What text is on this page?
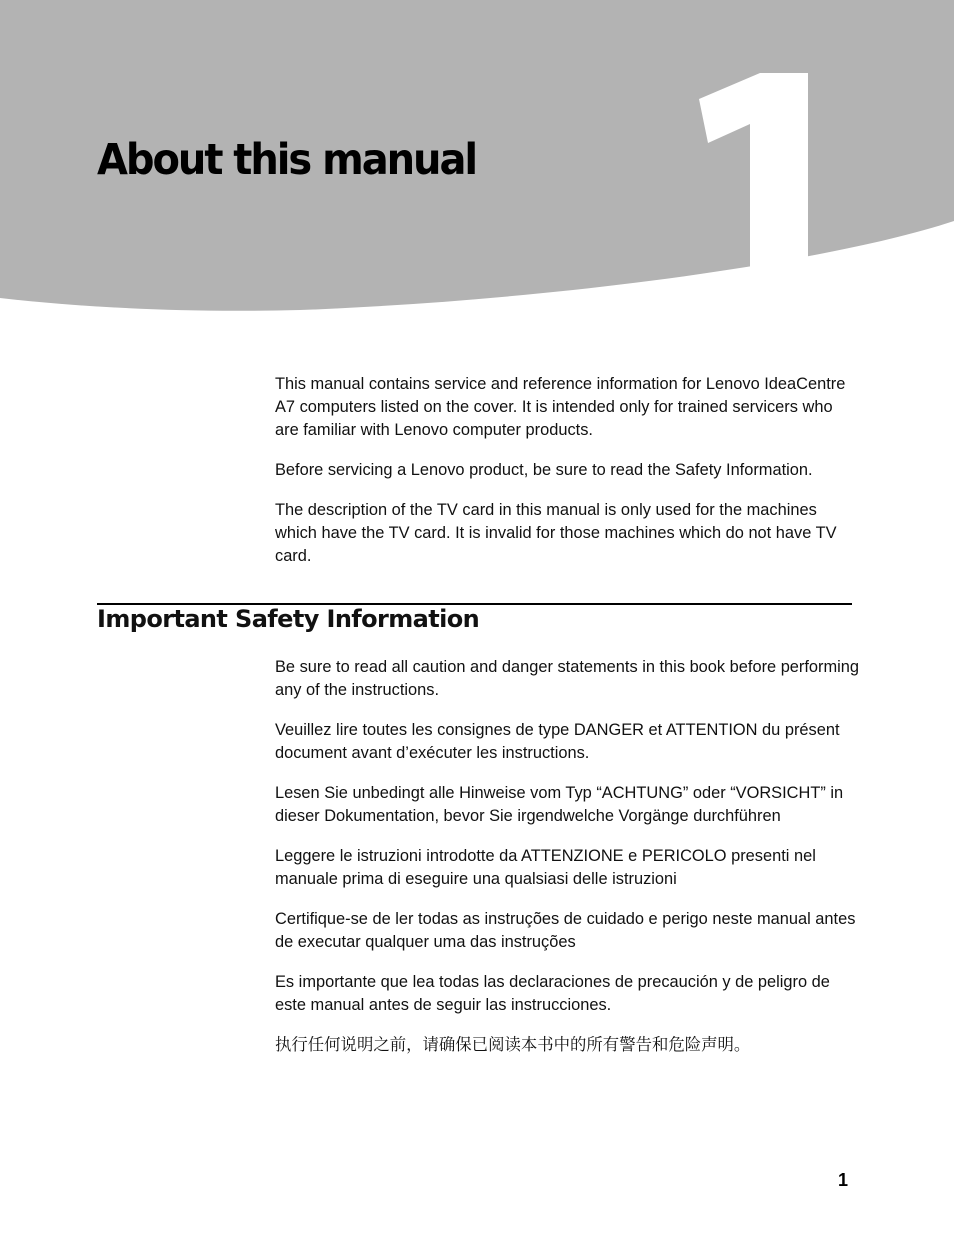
About this manual

This manual contains service and reference information for Lenovo IdeaCentre A7 computers listed on the cover. It is intended only for trained servicers who are familiar with Lenovo computer products.

Before servicing a Lenovo product, be sure to read the Safety Information.

The description of the TV card in this manual is only used for the machines which have the TV card. It is invalid for those machines which do not have TV card.

Important Safety Information

Be sure to read all caution and danger statements in this book before performing any of the instructions.

Veuillez lire toutes les consignes de type DANGER et ATTENTION du présent document avant d’exécuter les instructions.

Lesen Sie unbedingt alle Hinweise vom Typ “ACHTUNG” oder “VORSICHT” in dieser Dokumentation, bevor Sie irgendwelche Vorgänge durchführen

Leggere le istruzioni introdotte da ATTENZIONE e PERICOLO presenti nel manuale prima di eseguire una qualsiasi delle istruzioni

Certifique-se de ler todas as instruções de cuidado e perigo neste manual antes de executar qualquer uma das instruções

Es importante que lea todas las declaraciones de precaución y de peligro de este manual antes de seguir las instrucciones.

执行任何说明之前，请确保已阅读本书中的所有警告和危险声明。

1
